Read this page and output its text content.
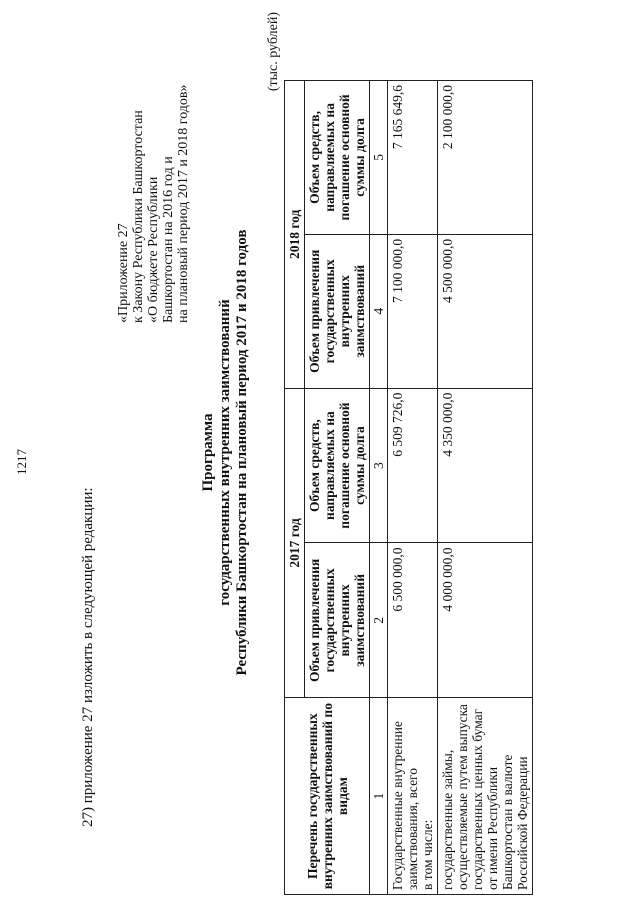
1217
27) приложение 27 изложить в следующей редакции:
«Приложение 27 к Закону Республики Башкортостан «О бюджете Республики Башкортостан на 2016 год и на плановый период 2017 и 2018 годов»
Программа государственных внутренних заимствований Республики Башкортостан на плановый период 2017 и 2018 годов
(тыс. рублей)
Перечень государственных внутренних заимствований по видам	2017 год		2018 год	
	Объем привлечения государственных внутренних заимствований	Объем средств, направляемых на погашение основной суммы долга	Объем привлечения государственных внутренних заимствований	Объем средств, направляемых на погашение основной суммы долга
1	2	3	4	5
Государственные внутренние заимствования, всего
в том числе:	6 500 000,0	6 509 726,0	7 100 000,0	7 165 649,6
государственные займы, осуществляемые путем выпуска государственных ценных бумаг от имени Республики Башкортостан в валюте Российской Федерации	4 000 000,0	4 350 000,0	4 500 000,0	2 100 000,0
